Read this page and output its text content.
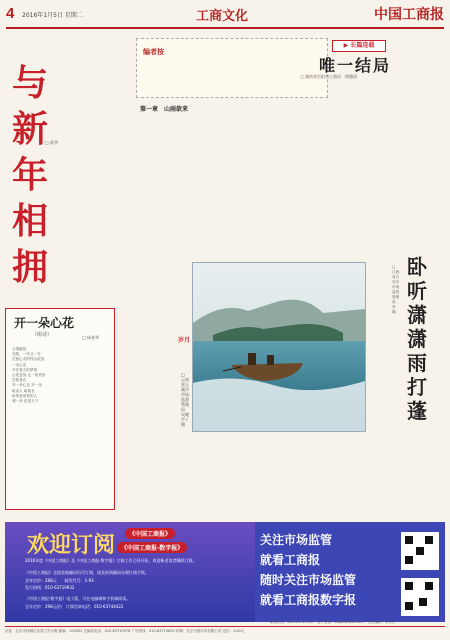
4 2016年1月5日 星期二	工商文化	中国工商报
与
新
年
相
拥
□ 薛华
开一朵心花
（组诗）	□ 杨春华
心情疑是
光阴，一年又一年
在我心灵的枝头绽放
一朵心花
开在春天的梦里
心花怒放 让一切美好
在我身边
开一朵心花 开一朵
给亲人 给朋友
给所有爱我的人
城一朵 花是天下
编者按
▶ 长篇连载
唯一结局
□ 湖南省岳阳市工商局　徐德清
第一章　山雨欲来
岁月
□ 云南省玉溪市市场监督管理局　吴晓宇 / 摄
卧
听
潇
潇
雨
打
蓬
□ 江西省吉安市市场监督管理局　李　娜
欢迎订阅	《中国工商报》
《中国工商报·数字报》
2016年度《中国工商报》及《中国工商报·数字报》订阅工作已经开始，欢迎新老读者踊跃订阅。
《中国工商报》全国各地邮局均可订阅，请及时到邮局办理订阅手续。
全年定价：288元　　邮发代号：1-93
发行热线：010-63719932
《中国工商报·数字报》电子版，可在电脑端和手机端阅读。
全年定价：298元/份　订阅咨询电话：010-63744422
关注市场监管
就看工商报
随时关注市场监管
就看工商报数字报
新闻热线：010-63719920　电子信箱：zhgsb@sina.com　责任编辑：李东庆
社址：北京市西城区宣武门外大街 邮编：100052 总编室电话：010-63719978 广告热线：010-63719850 印刷：北京日报印务有限公司 定价：1.00元
